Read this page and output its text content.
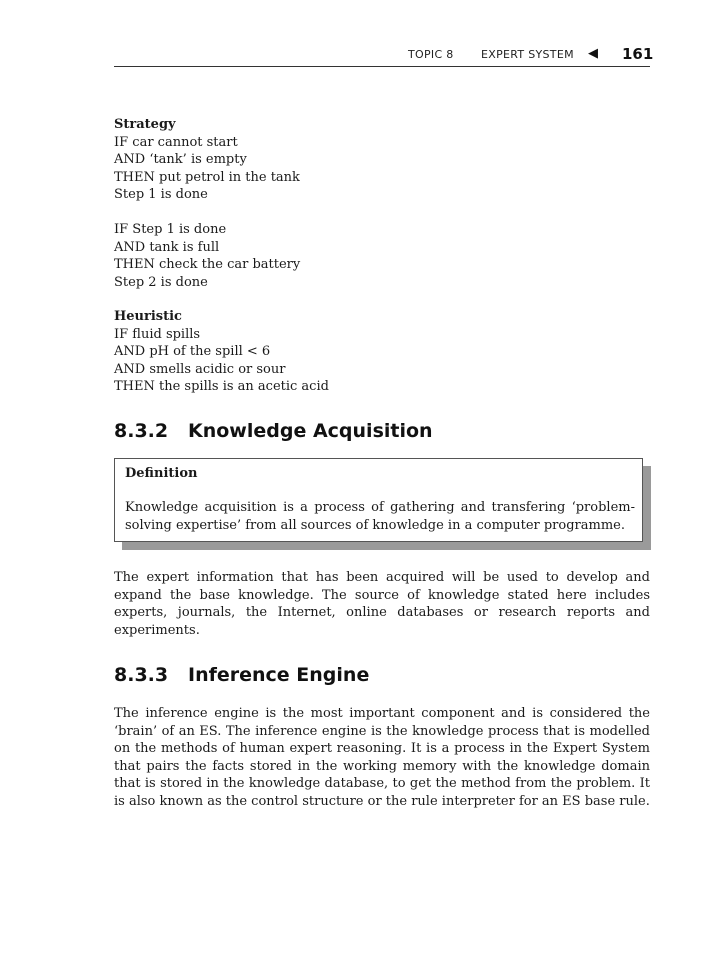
TOPIC 8 EXPERT SYSTEM ◀ 161
Strategy
IF car cannot start
AND ‘tank’ is empty
THEN put petrol in the tank
Step 1 is done
IF Step 1 is done
AND tank is full
THEN check the car battery
Step 2 is done
Heuristic
IF fluid spills
AND pH of the spill < 6
AND smells acidic or sour
THEN the spills is an acetic acid
8.3.2 Knowledge Acquisition
Definition
Knowledge acquisition is a process of gathering and transfering ‘problem-solving expertise’ from all sources of knowledge in a computer programme.
The expert information that has been acquired will be used to develop and expand the base knowledge. The source of knowledge stated here includes experts, journals, the Internet, online databases or research reports and experiments.
8.3.3 Inference Engine
The inference engine is the most important component and is considered the ‘brain’ of an ES. The inference engine is the knowledge process that is modelled on the methods of human expert reasoning. It is a process in the Expert System that pairs the facts stored in the working memory with the knowledge domain that is stored in the knowledge database, to get the method from the problem. It is also known as the control structure or the rule interpreter for an ES base rule.
